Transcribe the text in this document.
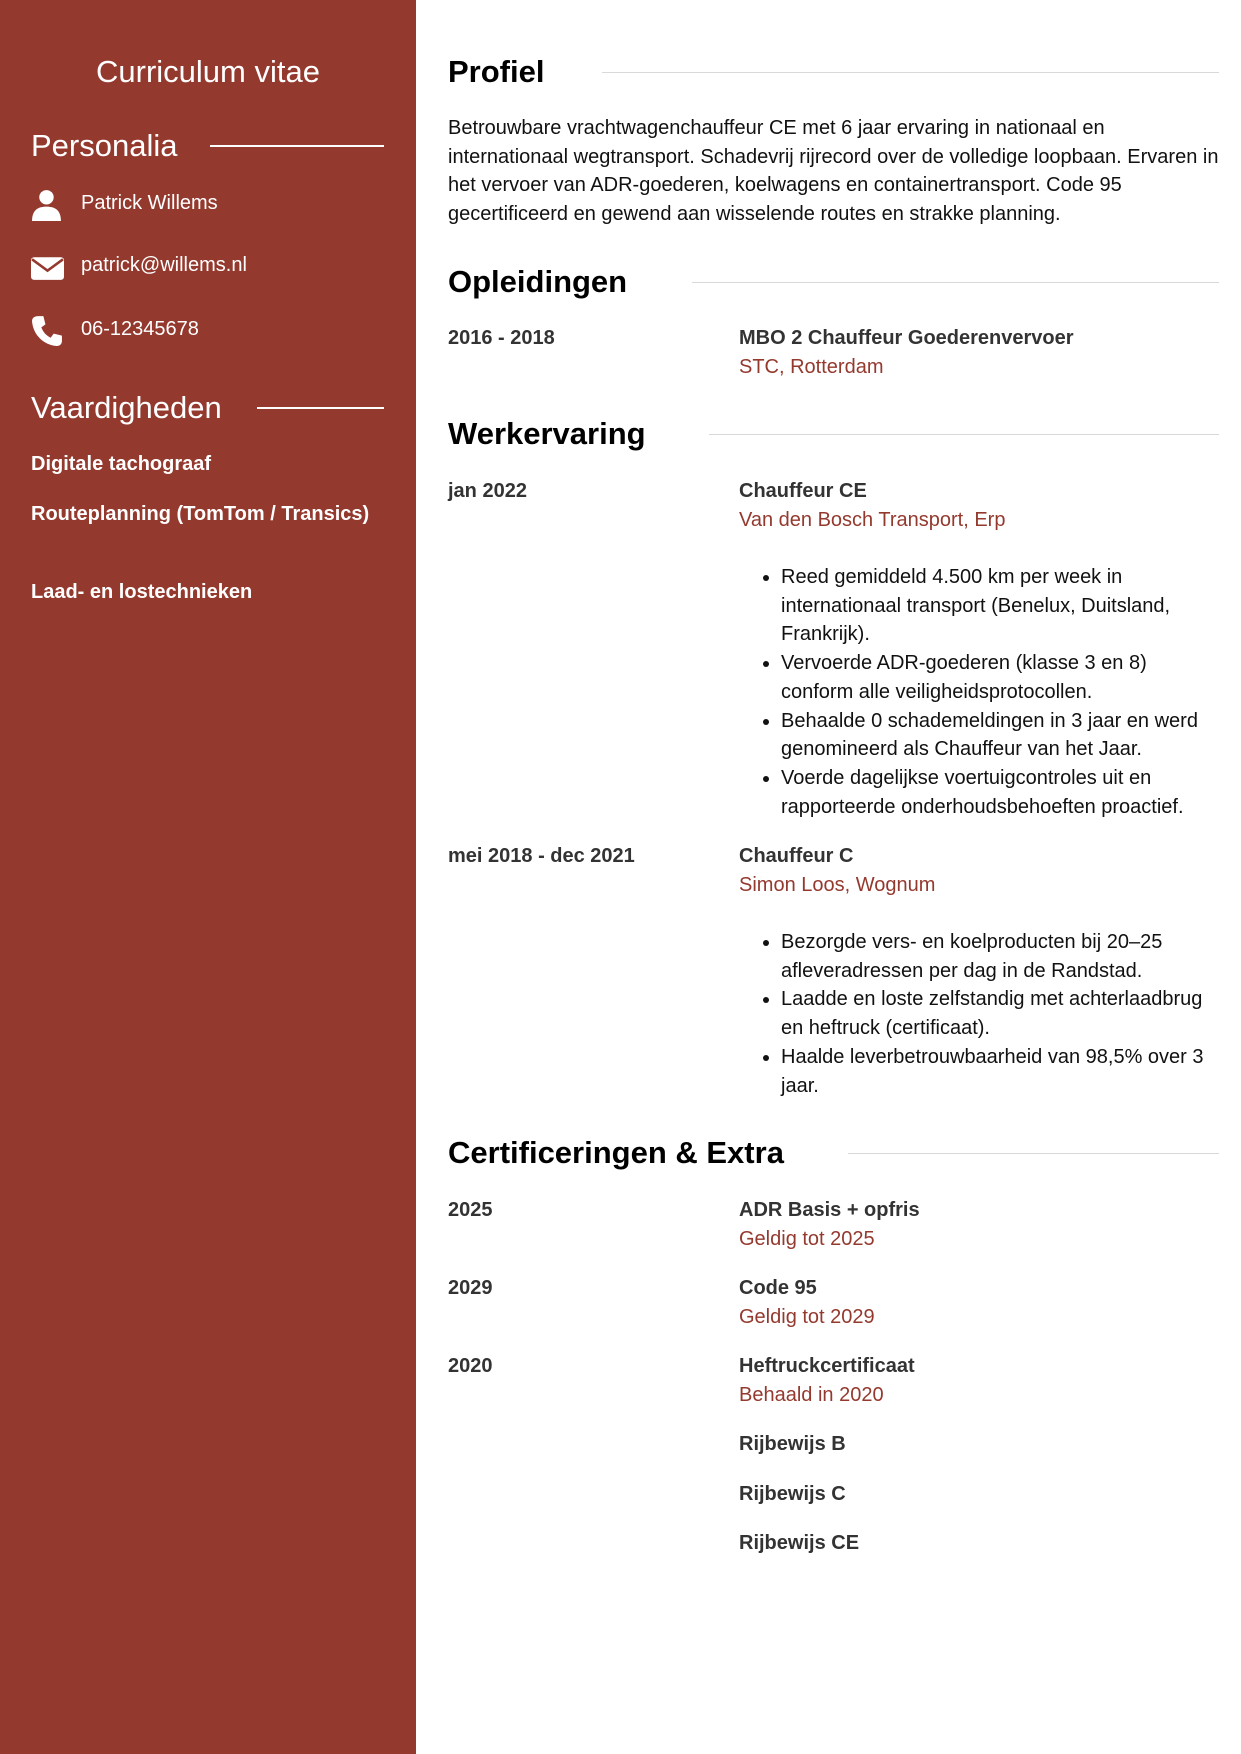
Curriculum vitae
Personalia
Patrick Willems
patrick@willems.nl
06-12345678
Vaardigheden
Digitale tachograaf
Routeplanning (TomTom / Transics)
Laad- en lostechnieken
Profiel
Betrouwbare vrachtwagenchauffeur CE met 6 jaar ervaring in nationaal en internationaal wegtransport. Schadevrij rijrecord over de volledige loopbaan. Ervaren in het vervoer van ADR-goederen, koelwagens en containertransport. Code 95 gecertificeerd en gewend aan wisselende routes en strakke planning.
Opleidingen
2016 - 2018	MBO 2 Chauffeur Goederenvervoer
STC, Rotterdam
Werkervaring
jan 2022	Chauffeur CE
Van den Bosch Transport, Erp
• Reed gemiddeld 4.500 km per week in internationaal transport (Benelux, Duitsland, Frankrijk).
• Vervoerde ADR-goederen (klasse 3 en 8) conform alle veiligheidsprotocollen.
• Behaalde 0 schademeldingen in 3 jaar en werd genomineerd als Chauffeur van het Jaar.
• Voerde dagelijkse voertuigcontroles uit en rapporteerde onderhoudsbehoeften proactief.
mei 2018 - dec 2021	Chauffeur C
Simon Loos, Wognum
• Bezorgde vers- en koelproducten bij 20–25 afleveradressen per dag in de Randstad.
• Laadde en loste zelfstandig met achterlaadbrug en heftruck (certificaat).
• Haalde leverbetrouwbaarheid van 98,5% over 3 jaar.
Certificeringen & Extra
2025	ADR Basis + opfris
Geldig tot 2025
2029	Code 95
Geldig tot 2029
2020	Heftruckcertificaat
Behaald in 2020
Rijbewijs B
Rijbewijs C
Rijbewijs CE
